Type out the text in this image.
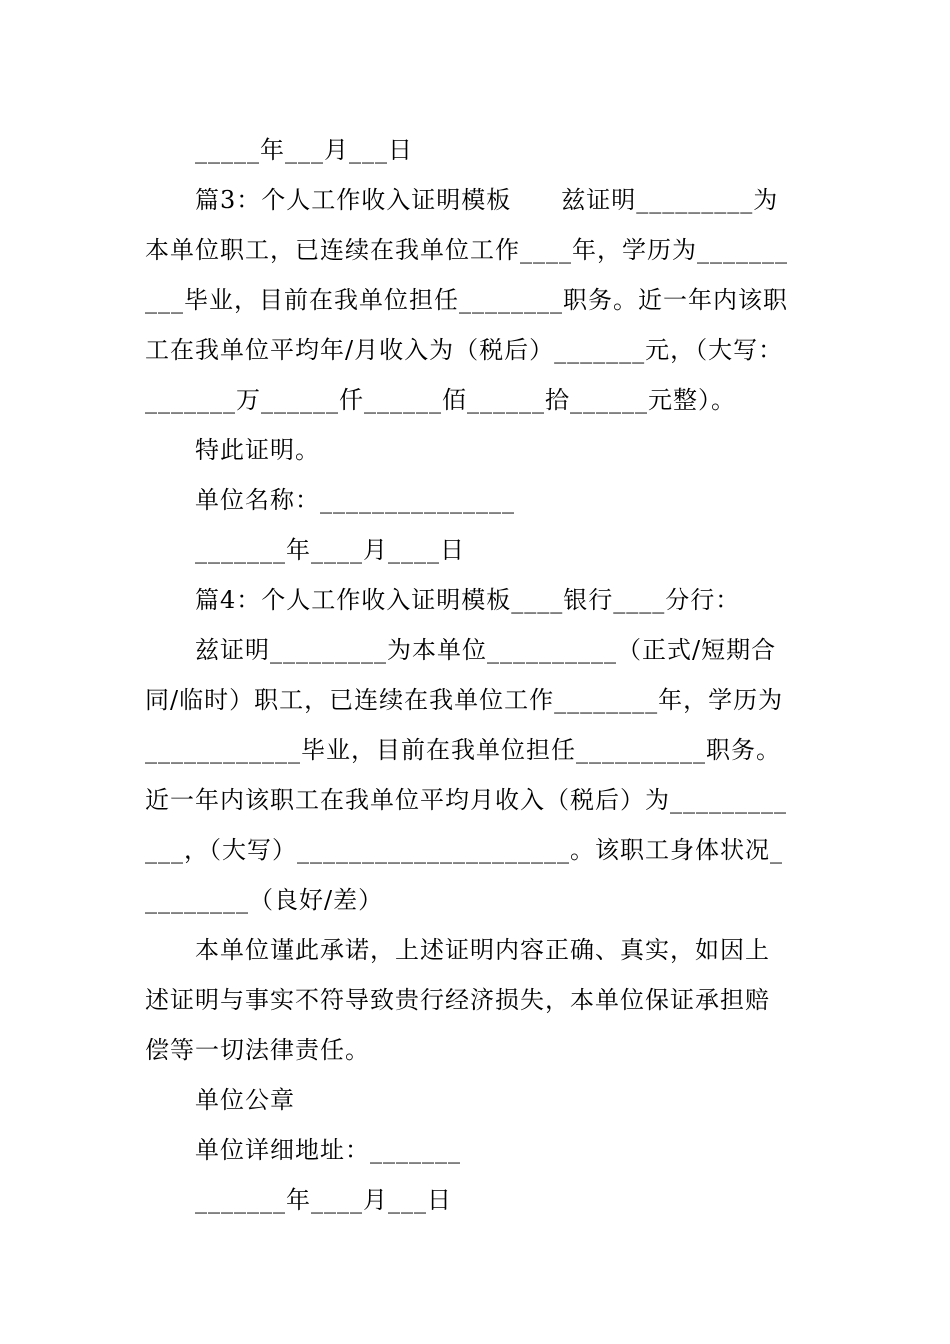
_____年___月___日
篇3：个人工作收入证明模板　　兹证明_________为
本单位职工，已连续在我单位工作____年，学历为_______
___毕业，目前在我单位担任________职务。近一年内该职
工在我单位平均年/月收入为（税后）_______元，（大写：
_______万______仟______佰______拾______元整）。
特此证明。
单位名称：_______________
_______年____月____日
篇4：个人工作收入证明模板____银行____分行：
兹证明_________为本单位__________（正式/短期合
同/临时）职工，已连续在我单位工作________年，学历为
____________毕业，目前在我单位担任__________职务。
近一年内该职工在我单位平均月收入（税后）为_________
___，（大写）_____________________。该职工身体状况_
________（良好/差）
本单位谨此承诺，上述证明内容正确、真实，如因上
述证明与事实不符导致贵行经济损失，本单位保证承担赔
偿等一切法律责任。
单位公章
单位详细地址：_______
_______年____月___日
